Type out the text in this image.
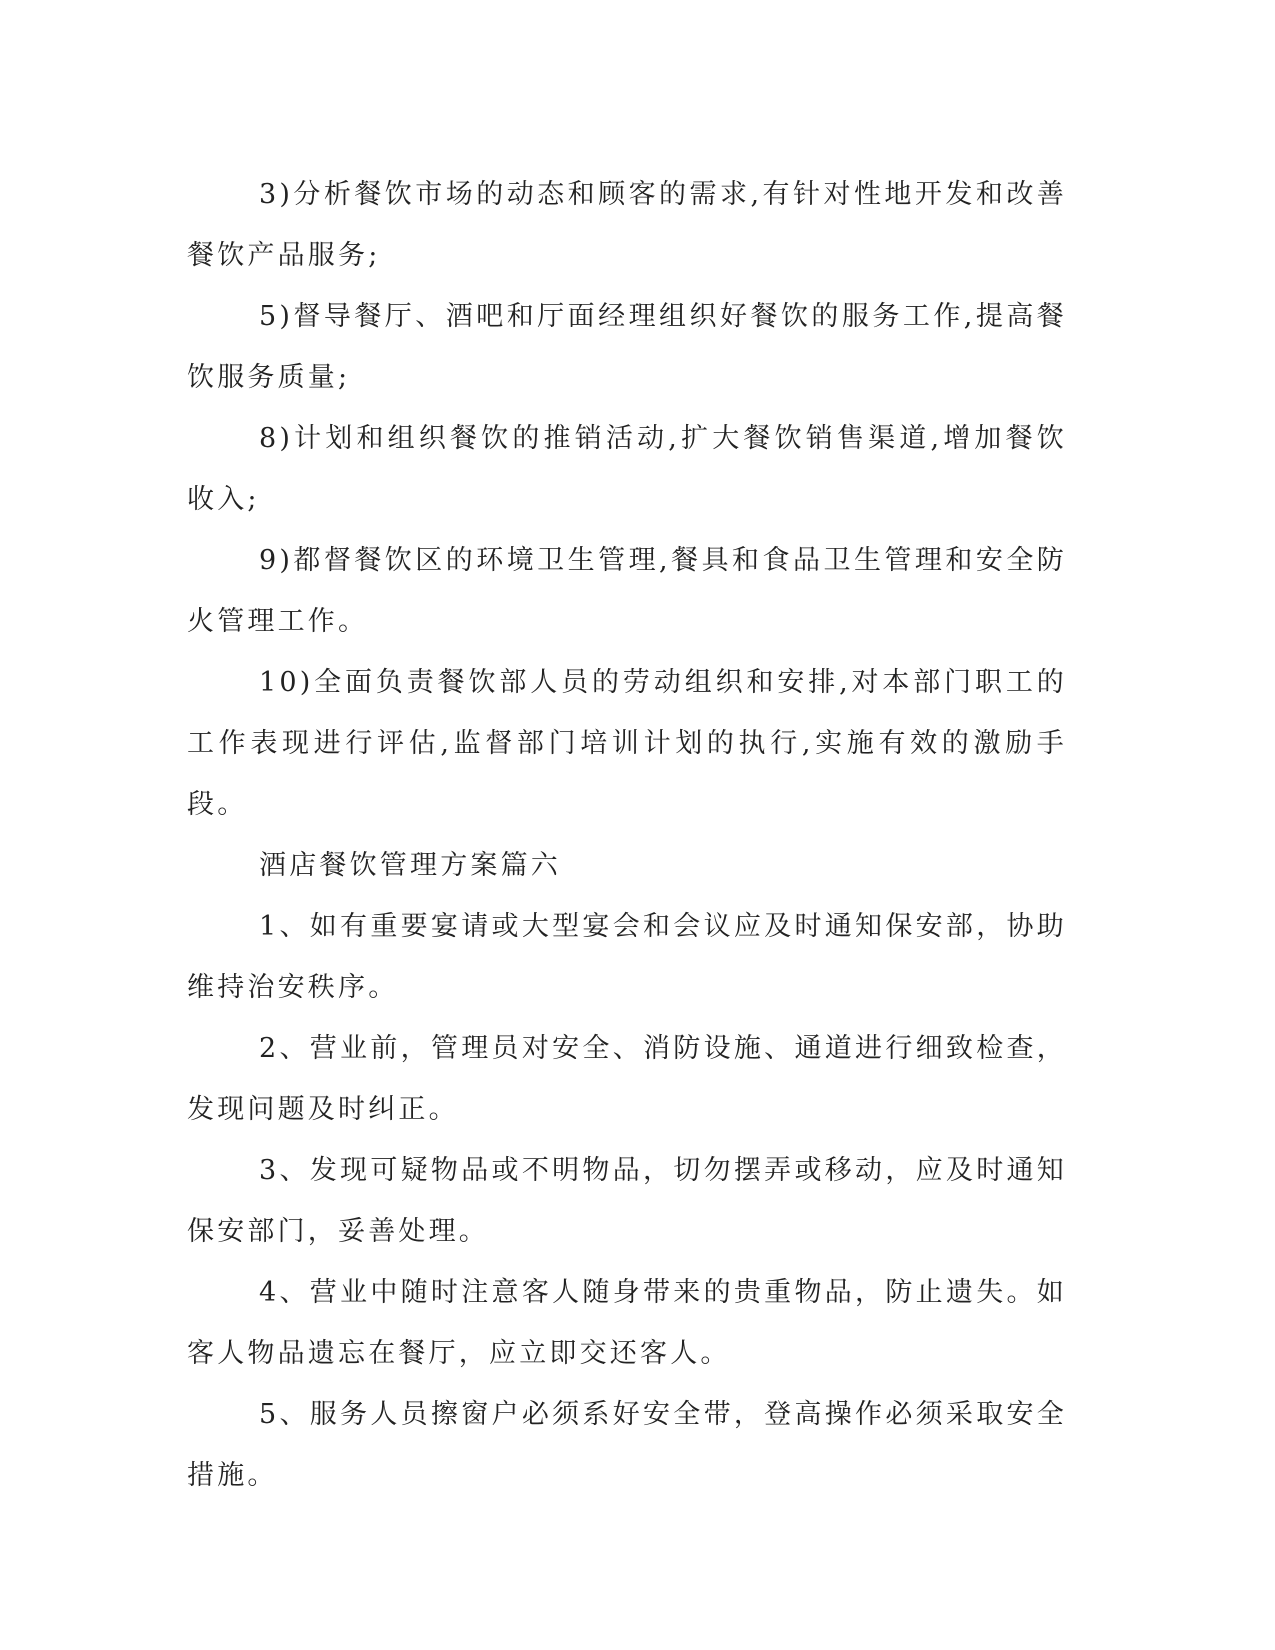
3)分析餐饮市场的动态和顾客的需求,有针对性地开发和改善餐饮产品服务;

5)督导餐厅、酒吧和厅面经理组织好餐饮的服务工作,提高餐饮服务质量;

8)计划和组织餐饮的推销活动,扩大餐饮销售渠道,增加餐饮收入;

9)都督餐饮区的环境卫生管理,餐具和食品卫生管理和安全防火管理工作。

10)全面负责餐饮部人员的劳动组织和安排,对本部门职工的工作表现进行评估,监督部门培训计划的执行,实施有效的激励手段。

酒店餐饮管理方案篇六

1、如有重要宴请或大型宴会和会议应及时通知保安部，协助维持治安秩序。

2、营业前，管理员对安全、消防设施、通道进行细致检查，发现问题及时纠正。

3、发现可疑物品或不明物品，切勿摆弄或移动，应及时通知保安部门，妥善处理。

4、营业中随时注意客人随身带来的贵重物品，防止遗失。如客人物品遗忘在餐厅，应立即交还客人。

5、服务人员擦窗户必须系好安全带，登高操作必须采取安全措施。
